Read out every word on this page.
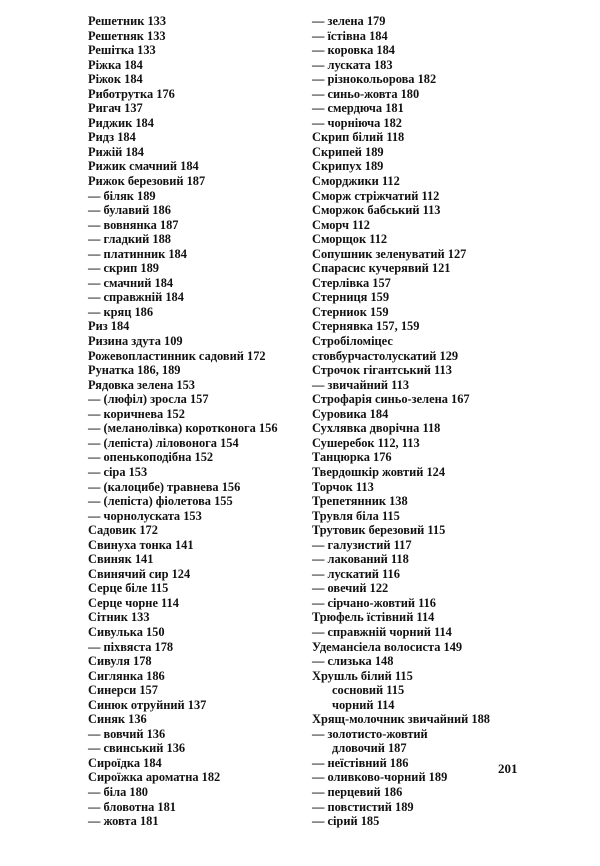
Решетник 133
Решетняк 133
Решітка 133
Ріжка 184
Ріжок 184
Риботрутка 176
Ригач 137
Риджик 184
Ридз 184
Рижій 184
Рижик смачний 184
Рижок березовий 187
— біляк 189
— булавий 186
— вовнянка 187
— гладкий 188
— платинник 184
— скрип 189
— смачний 184
— справжній 184
— кряц 186
Риз 184
Ризина здута 109
Рожевопластинник садовий 172
Рунатка 186, 189
Рядовка зелена 153
— (люфіл) зросла 157
— коричнева 152
— (меланолівка) коротконога 156
— (лепіста) ліловонога 154
— опенькоподібна 152
— сіра 153
— (калоцибе) травнева 156
— (лепіста) фіолетова 155
— чорнолускатa 153
Садовик 172
Свинуха тонка 141
Свиняк 141
Свинячий сир 124
Серце біле 115
Серце чорне 114
Сітник 133
Сивулька 150
— піхвяста 178
Сивуля 178
Сиглянка 186
Синерси 157
Синюк отруйний 137
Синяк 136
— вовчий 136
— свинський 136
Сироїдка 184
Сироїжка ароматна 182
— біла 180
— бловотна 181
— жовта 181
— зелена 179
— їстівна 184
— коровка 184
— лускатa 183
— різнокольорова 182
— синьо-жовта 180
— смердюча 181
— чорніюча 182
Скрип білий 118
Скрипей 189
Скрипух 189
Сморджики 112
Сморж стріжчатий 112
Сморжок бабський 113
Сморч 112
Сморщок 112
Сопушник зеленуватий 127
Спарасис кучерявий 121
Стерлівка 157
Стерниця 159
Стерниок 159
Стернявка 157, 159
Стробіломіцес стовбурчастолускатий 129
Строчок гігантський 113
— звичайний 113
Строфарія синьо-зелена 167
Суровика 184
Сухлявка дворічна 118
Сушеребок 112, 113
Танцюрка 176
Твердошкір жовтий 124
Торчок 113
Трепетянник 138
Трувля біла 115
Трутовик березовий 115
— галузистий 117
— лакований 118
— лускатий 116
— овечий 122
— сірчано-жовтий 116
Трюфель їстівний 114
— справжній чорний 114
Удемансіела волосиста 149
— слизька 148
Хрушль білий 115
сосновий 115
чорний 114
Хрящ-молочник звичайний 188
— золотисто-жовтий
дловочий 187
— неїстівний 186
— оливково-чорний 189
— перцевий 186
— повстистий 189
— сірий 185
201
